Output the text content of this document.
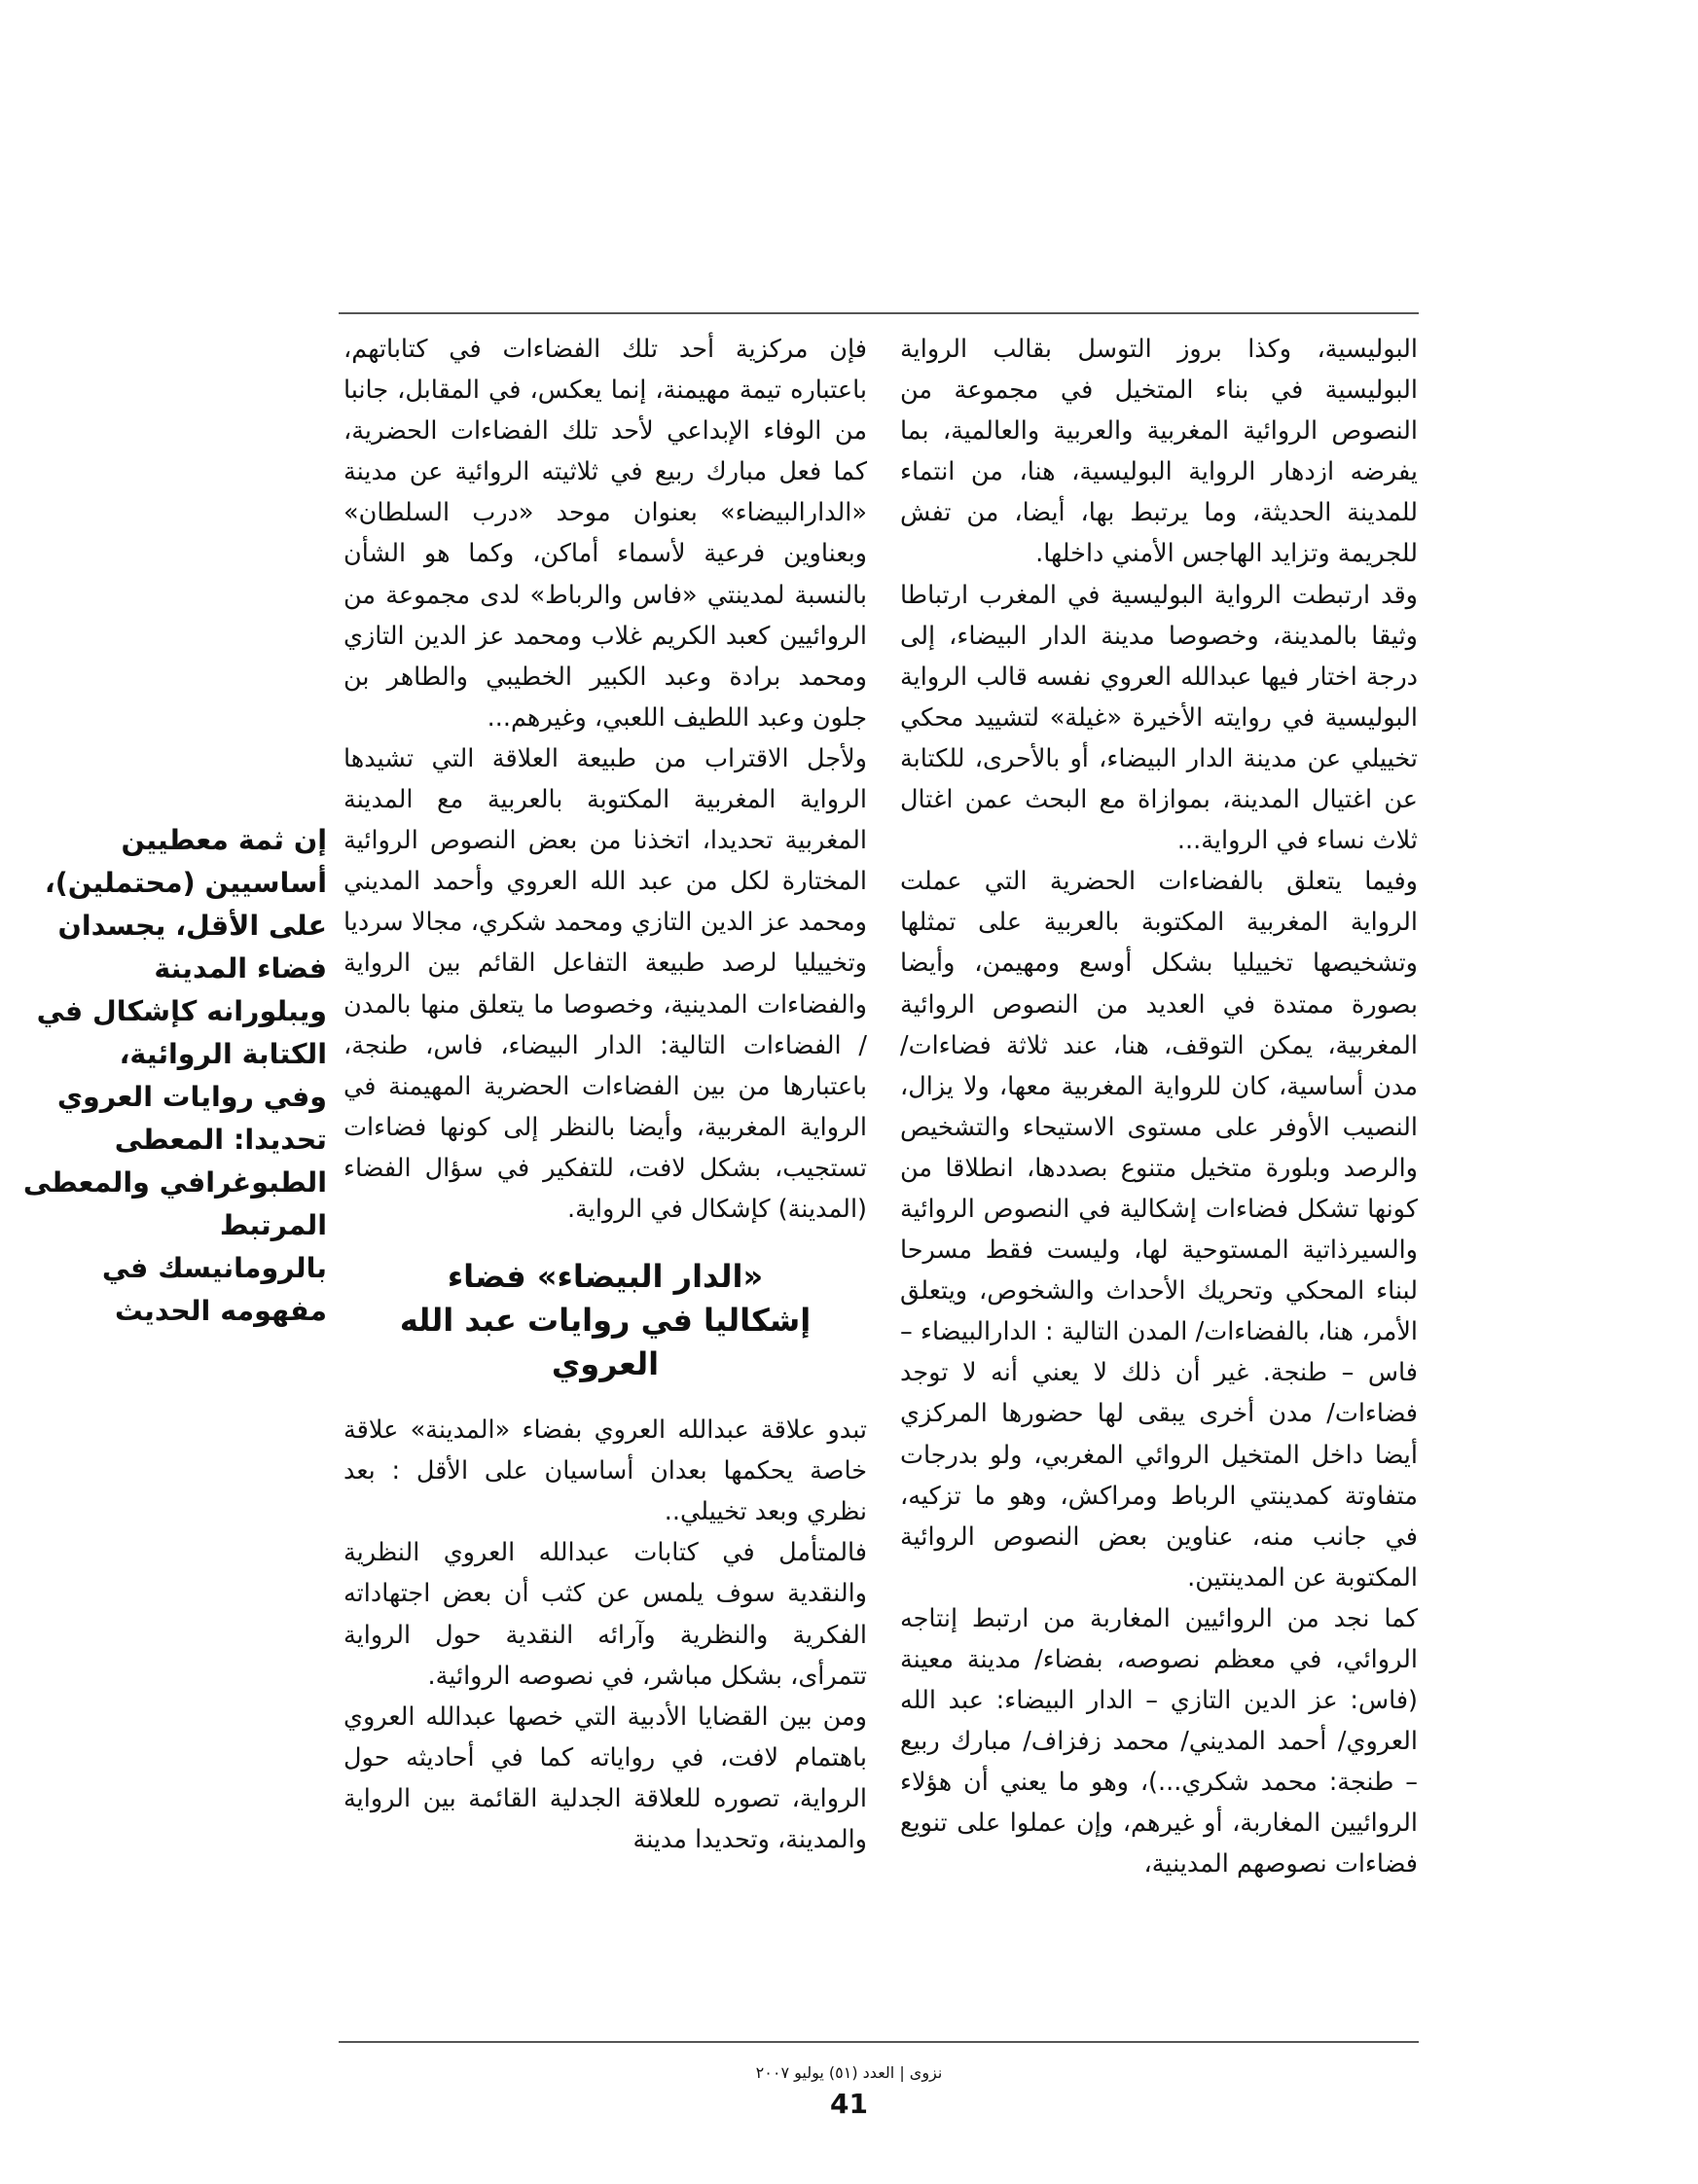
البوليسية، وكذا بروز التوسل بقالب الرواية البوليسية في بناء المتخيل في مجموعة من النصوص الروائية المغربية والعربية والعالمية، بما يفرضه ازدهار الرواية البوليسية، هنا، من انتماء للمدينة الحديثة، وما يرتبط بها، أيضا، من تفش للجريمة وتزايد الهاجس الأمني داخلها.

وقد ارتبطت الرواية البوليسية في المغرب ارتباطا وثيقا بالمدينة، وخصوصا مدينة الدار البيضاء، إلى درجة اختار فيها عبدالله العروي نفسه قالب الرواية البوليسية في روايته الأخيرة «غيلة» لتشييد محكي تخييلي عن مدينة الدار البيضاء، أو بالأحرى، للكتابة عن اغتيال المدينة، بموازاة مع البحث عمن اغتال ثلاث نساء في الرواية...

وفيما يتعلق بالفضاءات الحضرية التي عملت الرواية المغربية المكتوبة بالعربية على تمثلها وتشخيصها تخييليا بشكل أوسع ومهيمن، وأيضا بصورة ممتدة في العديد من النصوص الروائية المغربية، يمكن التوقف، هنا، عند ثلاثة فضاءات/ مدن أساسية، كان للرواية المغربية معها، ولا يزال، النصيب الأوفر على مستوى الاستيحاء والتشخيص والرصد وبلورة متخيل متنوع بصددها، انطلاقا من كونها تشكل فضاءات إشكالية في النصوص الروائية والسيرذاتية المستوحية لها، وليست فقط مسرحا لبناء المحكي وتحريك الأحداث والشخوص، ويتعلق الأمر، هنا، بالفضاءات/ المدن التالية : الدارالبيضاء – فاس – طنجة. غير أن ذلك لا يعني أنه لا توجد فضاءات/ مدن أخرى يبقى لها حضورها المركزي أيضا داخل المتخيل الروائي المغربي، ولو بدرجات متفاوتة كمدينتي الرباط ومراكش، وهو ما تزكيه، في جانب منه، عناوين بعض النصوص الروائية المكتوبة عن المدينتين.

كما نجد من الروائيين المغاربة من ارتبط إنتاجه الروائي، في معظم نصوصه، بفضاء/ مدينة معينة (فاس: عز الدين التازي – الدار البيضاء: عبد الله العروي/ أحمد المديني/ محمد زفزاف/ مبارك ربيع – طنجة: محمد شكري...)، وهو ما يعني أن هؤلاء الروائيين المغاربة، أو غيرهم، وإن عملوا على تنويع فضاءات نصوصهم المدينية،

فإن مركزية أحد تلك الفضاءات في كتاباتهم، باعتباره تيمة مهيمنة، إنما يعكس، في المقابل، جانبا من الوفاء الإبداعي لأحد تلك الفضاءات الحضرية، كما فعل مبارك ربيع في ثلاثيته الروائية عن مدينة «الدارالبيضاء» بعنوان موحد «درب السلطان» وبعناوين فرعية لأسماء أماكن، وكما هو الشأن بالنسبة لمدينتي «فاس والرباط» لدى مجموعة من الروائيين كعبد الكريم غلاب ومحمد عز الدين التازي ومحمد برادة وعبد الكبير الخطيبي والطاهر بن جلون وعبد اللطيف اللعبي، وغيرهم...

ولأجل الاقتراب من طبيعة العلاقة التي تشيدها الرواية المغربية المكتوبة بالعربية مع المدينة المغربية تحديدا، اتخذنا من بعض النصوص الروائية المختارة لكل من عبد الله العروي وأحمد المديني ومحمد عز الدين التازي ومحمد شكري، مجالا سرديا وتخييليا لرصد طبيعة التفاعل القائم بين الرواية والفضاءات المدينية، وخصوصا ما يتعلق منها بالمدن / الفضاءات التالية: الدار البيضاء، فاس، طنجة، باعتبارها من بين الفضاءات الحضرية المهيمنة في الرواية المغربية، وأيضا بالنظر إلى كونها فضاءات تستجيب، بشكل لافت، للتفكير في سؤال الفضاء (المدينة) كإشكال في الرواية.

«الدار البيضاء» فضاء
إشكاليا في روايات عبد الله العروي

تبدو علاقة عبدالله العروي بفضاء «المدينة» علاقة خاصة يحكمها بعدان أساسيان على الأقل : بعد نظري وبعد تخييلي..

فالمتأمل في كتابات عبدالله العروي النظرية والنقدية سوف يلمس عن كثب أن بعض اجتهاداته الفكرية والنظرية وآرائه النقدية حول الرواية تتمرأى، بشكل مباشر، في نصوصه الروائية.

ومن بين القضايا الأدبية التي خصها عبدالله العروي باهتمام لافت، في رواياته كما في أحاديثه حول الرواية، تصوره للعلاقة الجدلية القائمة بين الرواية والمدينة، وتحديدا مدينة

إن ثمة معطيين
أساسيين (محتملين)،
على الأقل، يجسدان
فضاء المدينة
ويبلورانه كإشكال في
الكتابة الروائية،
وفي روايات العروي
تحديدا: المعطى
الطبوغرافي والمعطى
المرتبط
بالرومانيسك في
مفهومه الحديث
نزوى | العدد (٥١) يوليو ٢٠٠٧
41
